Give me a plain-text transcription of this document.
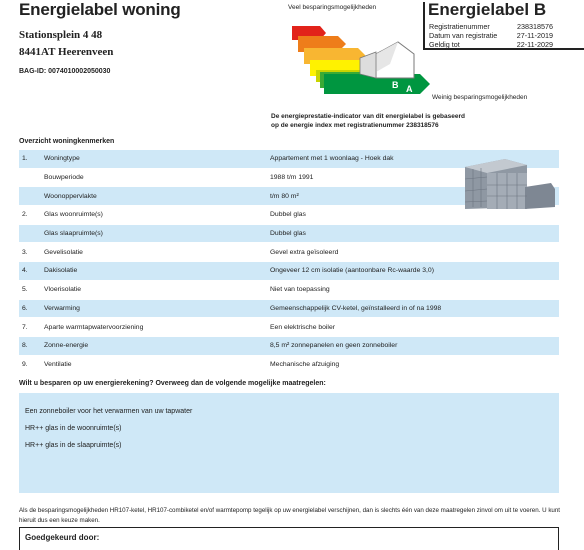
Energielabel woning
Stationsplein 4 48
8441AT Heerenveen
BAG-ID: 0074010002050030
Energielabel B
Registratienummer	238318576
Datum van registratie	27-11-2019
Geldig tot	22-11-2029
Veel besparingsmogelijkheden
B A
Weinig besparingsmogelijkheden
De energieprestatie-indicator van dit energielabel is gebaseerd
op de energie index met registratienummer 238318576
Overzicht woningkenmerken
1.	Woningtype	Appartement met 1 woonlaag - Hoek dak
Bouwperiode	1988 t/m 1991
Woonoppervlakte	t/m 80 m²
2.	Glas woonruimte(s)	Dubbel glas
Glas slaapruimte(s)	Dubbel glas
3.	Gevelisolatie	Gevel extra geïsoleerd
4.	Dakisolatie	Ongeveer 12 cm isolatie (aantoonbare Rc-waarde 3,0)
5.	Vloerisolatie	Niet van toepassing
6.	Verwarming	Gemeenschappelijk CV-ketel, geïnstalleerd in of na 1998
7.	Aparte warmtapwatervoorziening	Een elektrische boiler
8.	Zonne-energie	8,5 m² zonnepanelen en geen zonneboiler
9.	Ventilatie	Mechanische afzuiging
Wilt u besparen op uw energierekening? Overweeg dan de volgende mogelijke maatregelen:
Een zonneboiler voor het verwarmen van uw tapwater
HR++ glas in de woonruimte(s)
HR++ glas in de slaapruimte(s)
Als de besparingsmogelijkheden HR107-ketel, HR107-combiketel en/of warmtepomp tegelijk op uw energielabel verschijnen, dan is slechts één van deze maatregelen zinvol om uit te voeren. U kunt hieruit dus een keuze maken.
Goedgekeurd door:
